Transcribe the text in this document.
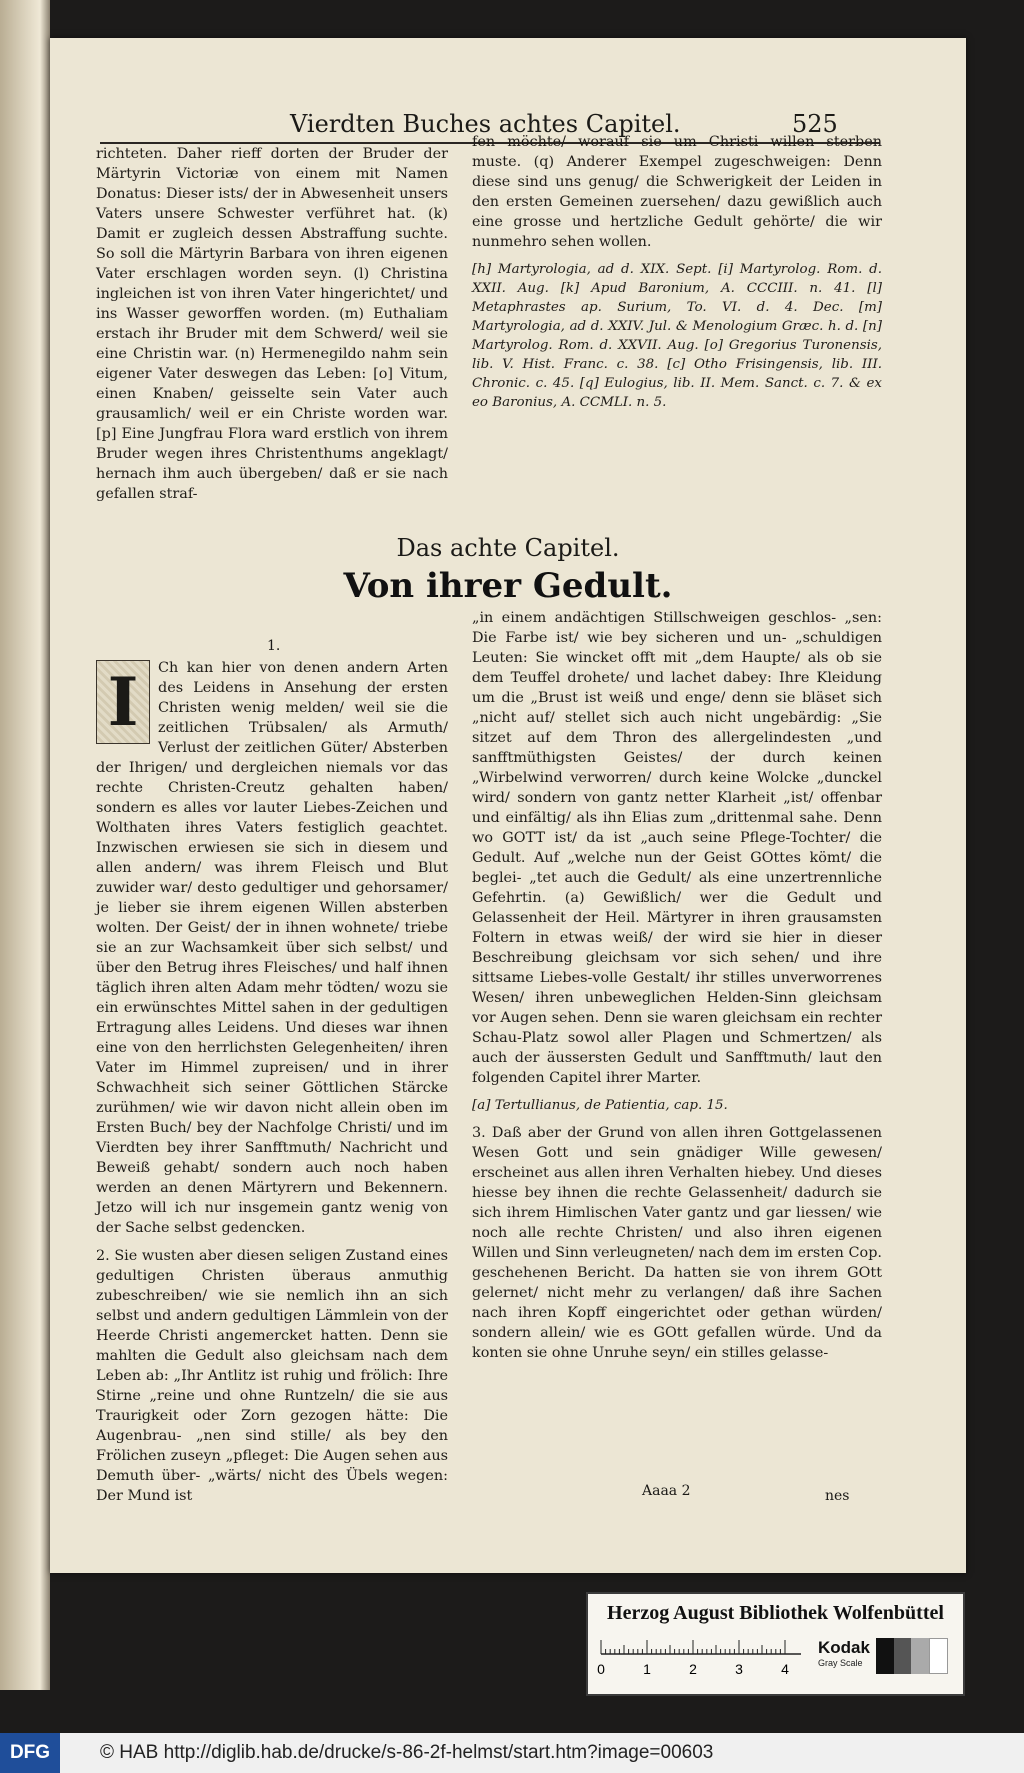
Vierdten Buches achtes Capitel.	525

richteten. Daher rieff dorten der Bruder der Märtyrin Victoriæ von einem mit Namen Donatus: Dieser ists/ der in Abwesenheit unsers Vaters unsere Schwester verführet hat. (k) Damit er zugleich dessen Abstraffung suchte. So soll die Märtyrin Barbara von ihren eigenen Vater erschlagen worden seyn. (l) Christina ingleichen ist von ihren Vater hingerichtet/ und ins Wasser geworffen worden. (m) Euthaliam erstach ihr Bruder mit dem Schwerd/ weil sie eine Christin war. (n) Hermenegildo nahm sein eigener Vater deswegen das Leben: [o] Vitum, einen Knaben/ geisselte sein Vater auch grausamlich/ weil er ein Christe worden war. [p] Eine Jungfrau Flora ward erstlich von ihrem Bruder wegen ihres Christenthums angeklagt/ hernach ihm auch übergeben/ daß er sie nach gefallen straf-

fen möchte/ worauf sie um Christi willen sterben muste. (q) Anderer Exempel zugeschweigen: Denn diese sind uns genug/ die Schwerigkeit der Leiden in den ersten Gemeinen zuersehen/ dazu gewißlich auch eine grosse und hertzliche Gedult gehörte/ die wir nunmehro sehen wollen.

[h] Martyrologia, ad d. XIX. Sept. [i] Martyrolog. Rom. d. XXII. Aug. [k] Apud Baronium, A. CCCIII. n. 41. [l] Metaphrastes ap. Surium, To. VI. d. 4. Dec. [m] Martyrologia, ad d. XXIV. Jul. & Menologium Græc. h. d. [n] Martyrolog. Rom. d. XXVII. Aug. [o] Gregorius Turonensis, lib. V. Hist. Franc. c. 38. [c] Otho Frisingensis, lib. III. Chronic. c. 45. [q] Eulogius, lib. II. Mem. Sanct. c. 7. & ex eo Baronius, A. CCMLI. n. 5.

Das achte Capitel.
Von ihrer Gedult.
1.

I	Ch kan hier von denen andern Arten des Leidens in Ansehung der ersten Christen wenig melden/ weil sie die zeitlichen Trübsalen/ als Armuth/ Verlust der zeitlichen Güter/ Absterben der Ihrigen/ und dergleichen niemals vor das rechte Christen-Creutz gehalten haben/ sondern es alles vor lauter Liebes-Zeichen und Wolthaten ihres Vaters festiglich geachtet. Inzwischen erwiesen sie sich in diesem und allen andern/ was ihrem Fleisch und Blut zuwider war/ desto gedultiger und gehorsamer/ je lieber sie ihrem eigenen Willen absterben wolten. Der Geist/ der in ihnen wohnete/ triebe sie an zur Wachsamkeit über sich selbst/ und über den Betrug ihres Fleisches/ und half ihnen täglich ihren alten Adam mehr tödten/ wozu sie ein erwünschtes Mittel sahen in der gedultigen Ertragung alles Leidens. Und dieses war ihnen eine von den herrlichsten Gelegenheiten/ ihren Vater im Himmel zupreisen/ und in ihrer Schwachheit sich seiner Göttlichen Stärcke zurühmen/ wie wir davon nicht allein oben im Ersten Buch/ bey der Nachfolge Christi/ und im Vierdten bey ihrer Sanfftmuth/ Nachricht und Beweiß gehabt/ sondern auch noch haben werden an denen Märtyrern und Bekennern. Jetzo will ich nur insgemein gantz wenig von der Sache selbst gedencken.

2. Sie wusten aber diesen seligen Zustand eines gedultigen Christen überaus anmuthig zubeschreiben/ wie sie nemlich ihn an sich selbst und andern gedultigen Lämmlein von der Heerde Christi angemercket hatten. Denn sie mahlten die Gedult also gleichsam nach dem Leben ab: „Ihr Antlitz ist ruhig und frölich: Ihre Stirne „reine und ohne Runtzeln/ die sie aus Traurigkeit oder Zorn gezogen hätte: Die Augenbrau- „nen sind stille/ als bey den Frölichen zuseyn „pfleget: Die Augen sehen aus Demuth über- „wärts/ nicht des Übels wegen: Der Mund ist

„in einem andächtigen Stillschweigen geschlos- „sen: Die Farbe ist/ wie bey sicheren und un- „schuldigen Leuten: Sie wincket offt mit „dem Haupte/ als ob sie dem Teuffel drohete/ und lachet dabey: Ihre Kleidung um die „Brust ist weiß und enge/ denn sie bläset sich „nicht auf/ stellet sich auch nicht ungebärdig: „Sie sitzet auf dem Thron des allergelindesten „und sanfftmüthigsten Geistes/ der durch keinen „Wirbelwind verworren/ durch keine Wolcke „dunckel wird/ sondern von gantz netter Klarheit „ist/ offenbar und einfältig/ als ihn Elias zum „drittenmal sahe. Denn wo GOTT ist/ da ist „auch seine Pflege-Tochter/ die Gedult. Auf „welche nun der Geist GOttes kömt/ die beglei- „tet auch die Gedult/ als eine unzertrennliche Gefehrtin. (a) Gewißlich/ wer die Gedult und Gelassenheit der Heil. Märtyrer in ihren grausamsten Foltern in etwas weiß/ der wird sie hier in dieser Beschreibung gleichsam vor sich sehen/ und ihre sittsame Liebes-volle Gestalt/ ihr stilles unverworrenes Wesen/ ihren unbeweglichen Helden-Sinn gleichsam vor Augen sehen. Denn sie waren gleichsam ein rechter Schau-Platz sowol aller Plagen und Schmertzen/ als auch der äussersten Gedult und Sanfftmuth/ laut den folgenden Capitel ihrer Marter.

[a] Tertullianus, de Patientia, cap. 15.

3. Daß aber der Grund von allen ihren Gottgelassenen Wesen Gott und sein gnädiger Wille gewesen/ erscheinet aus allen ihren Verhalten hiebey. Und dieses hiesse bey ihnen die rechte Gelassenheit/ dadurch sie sich ihrem Himlischen Vater gantz und gar liessen/ wie noch alle rechte Christen/ und also ihren eigenen Willen und Sinn verleugneten/ nach dem im ersten Cop. geschehenen Bericht. Da hatten sie von ihrem GOtt gelernet/ nicht mehr zu verlangen/ daß ihre Sachen nach ihren Kopff eingerichtet oder gethan würden/ sondern allein/ wie es GOtt gefallen würde. Und da konten sie ohne Unruhe seyn/ ein stilles gelasse-

Aaaa 2	nes
Herzog August Bibliothek Wolfenbüttel
0	1	2	3	4
Kodak
Gray Scale
DFG	© HAB http://diglib.hab.de/drucke/s-86-2f-helmst/start.htm?image=00603
